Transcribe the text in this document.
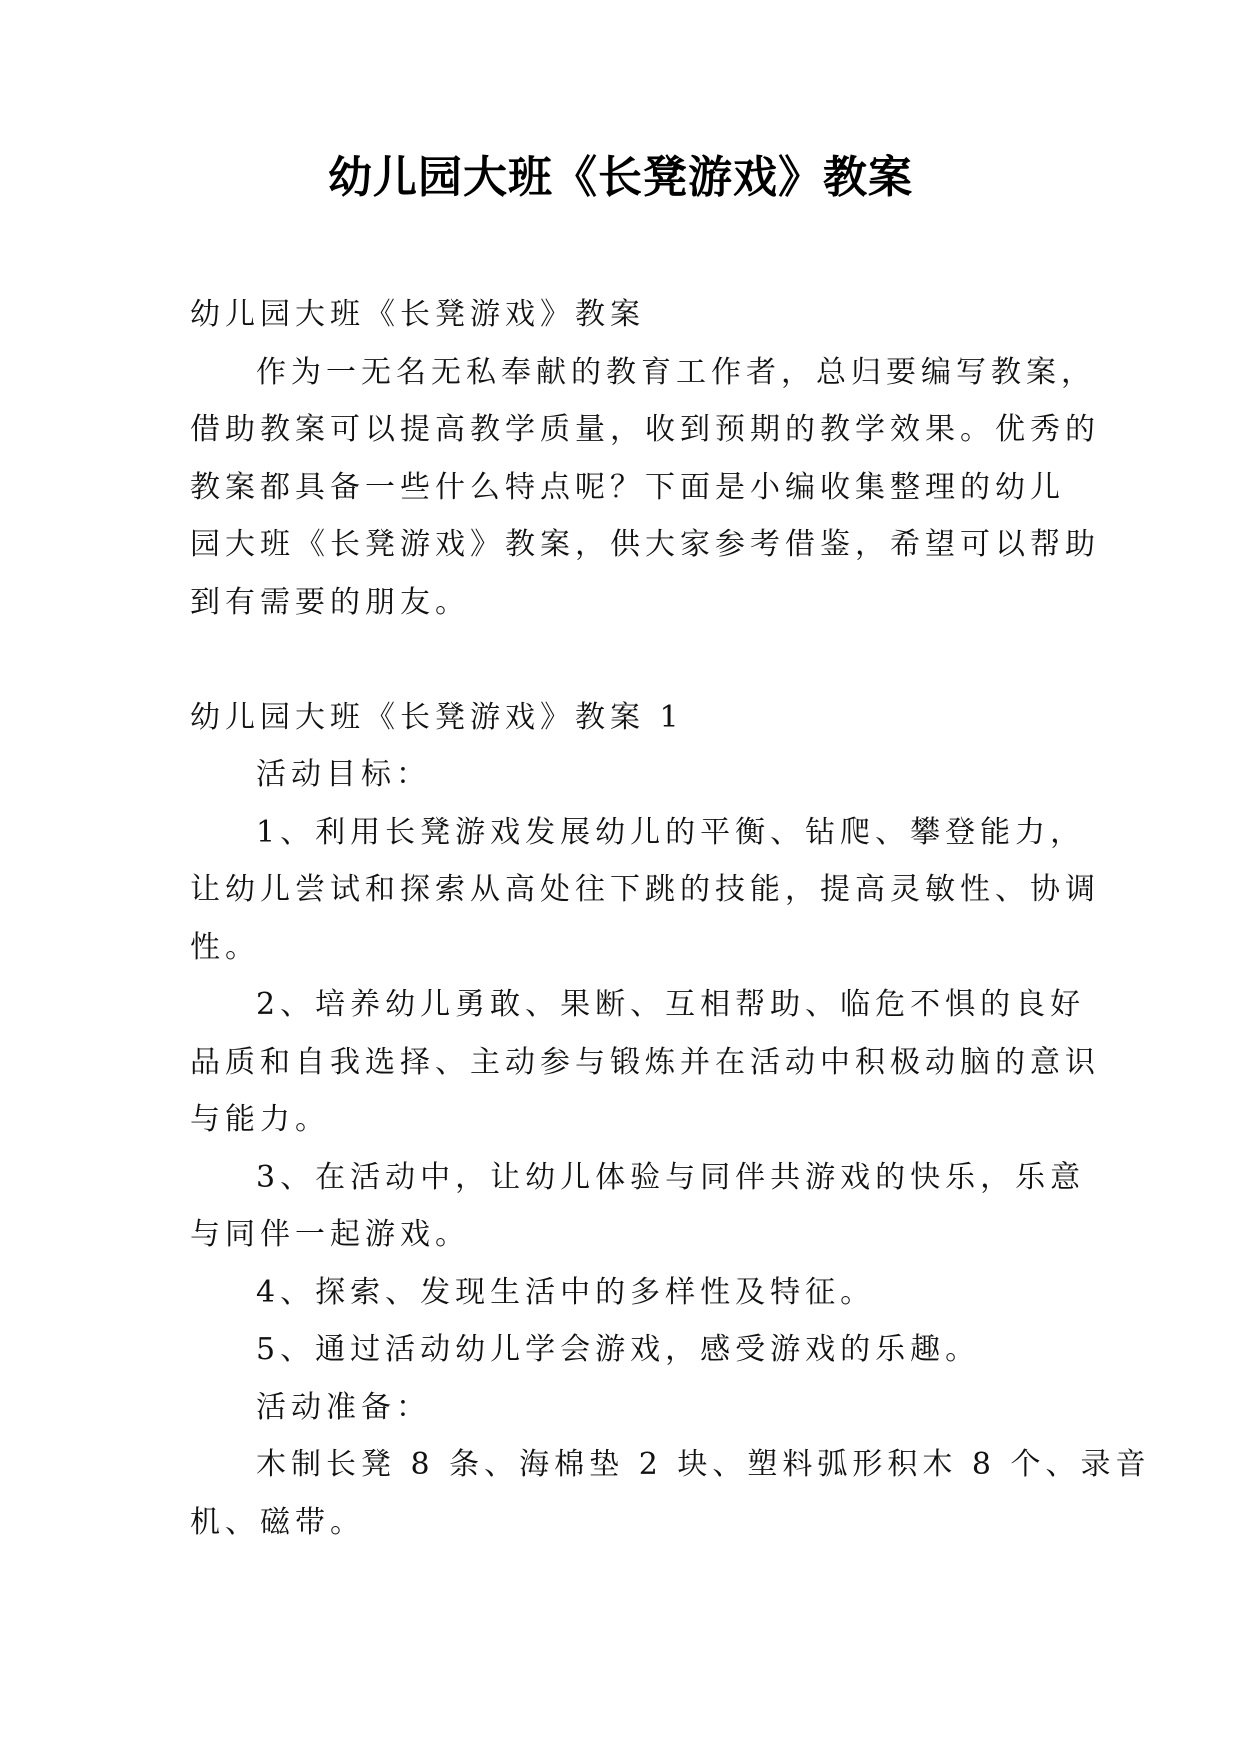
幼儿园大班《长凳游戏》教案
幼儿园大班《长凳游戏》教案
作为一无名无私奉献的教育工作者，总归要编写教案，
借助教案可以提高教学质量，收到预期的教学效果。优秀的
教案都具备一些什么特点呢？下面是小编收集整理的幼儿
园大班《长凳游戏》教案，供大家参考借鉴，希望可以帮助
到有需要的朋友。
幼儿园大班《长凳游戏》教案 1
活动目标：
1、利用长凳游戏发展幼儿的平衡、钻爬、攀登能力，
让幼儿尝试和探索从高处往下跳的技能，提高灵敏性、协调
性。
2、培养幼儿勇敢、果断、互相帮助、临危不惧的良好
品质和自我选择、主动参与锻炼并在活动中积极动脑的意识
与能力。
3、在活动中，让幼儿体验与同伴共游戏的快乐，乐意
与同伴一起游戏。
4、探索、发现生活中的多样性及特征。
5、通过活动幼儿学会游戏，感受游戏的乐趣。
活动准备：
木制长凳 8 条、海棉垫 2 块、塑料弧形积木 8 个、录音
机、磁带。
